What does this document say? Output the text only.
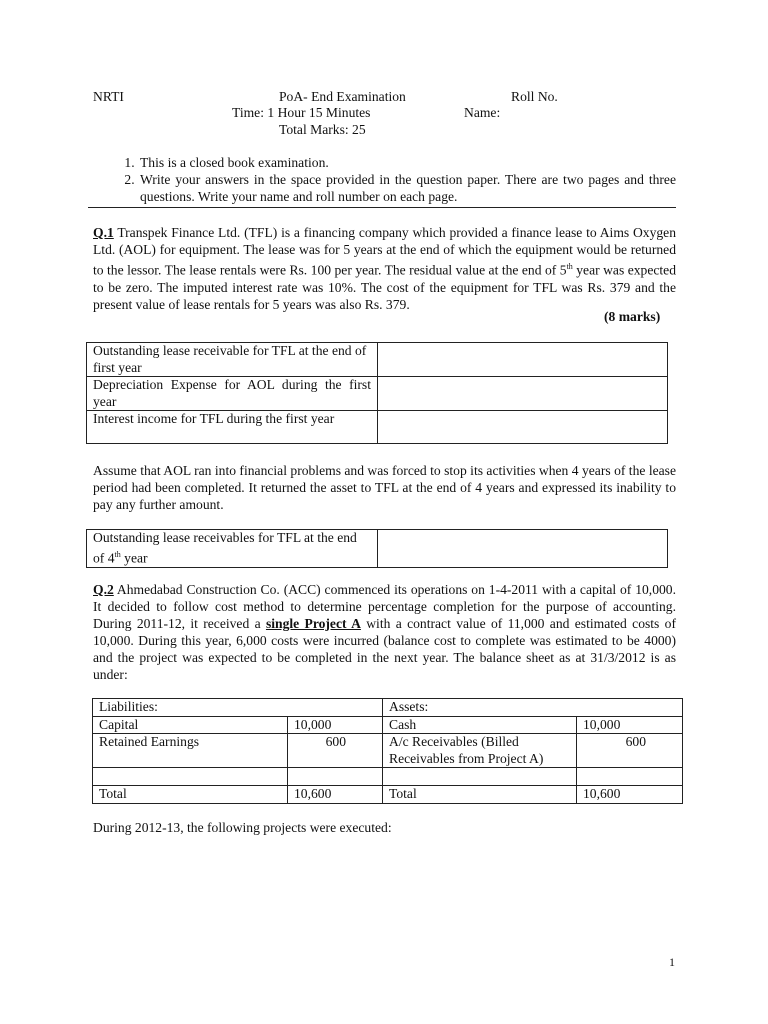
NRTI	PoA- End Examination	Roll No.
Time: 1 Hour 15 Minutes	Name:
Total Marks: 25
1. This is a closed book examination.
2. Write your answers in the space provided in the question paper. There are two pages and three questions. Write your name and roll number on each page.
Q.1 Transpek Finance Ltd. (TFL) is a financing company which provided a finance lease to Aims Oxygen Ltd. (AOL) for equipment. The lease was for 5 years at the end of which the equipment would be returned to the lessor. The lease rentals were Rs. 100 per year. The residual value at the end of 5th year was expected to be zero. The imputed interest rate was 10%. The cost of the equipment for TFL was Rs. 379 and the present value of lease rentals for 5 years was also Rs. 379.
(8 marks)
Outstanding lease receivable for TFL at the end of first year	
Depreciation Expense for AOL during the first year	
Interest income for TFL during the first year	
Assume that AOL ran into financial problems and was forced to stop its activities when 4 years of the lease period had been completed. It returned the asset to TFL at the end of 4 years and expressed its inability to pay any further amount.
Outstanding lease receivables for TFL at the end of 4th year	
Q.2 Ahmedabad Construction Co. (ACC) commenced its operations on 1-4-2011 with a capital of 10,000. It decided to follow cost method to determine percentage completion for the purpose of accounting. During 2011-12, it received a single Project A with a contract value of 11,000 and estimated costs of 10,000. During this year, 6,000 costs were incurred (balance cost to complete was estimated to be 4000) and the project was expected to be completed in the next year. The balance sheet as at 31/3/2012 is as under:
Liabilities:		Assets:	
Capital	10,000	Cash	10,000
Retained Earnings	600	A/c Receivables (Billed Receivables from Project A)	600

Total	10,600	Total	10,600
During 2012-13, the following projects were executed:
1
